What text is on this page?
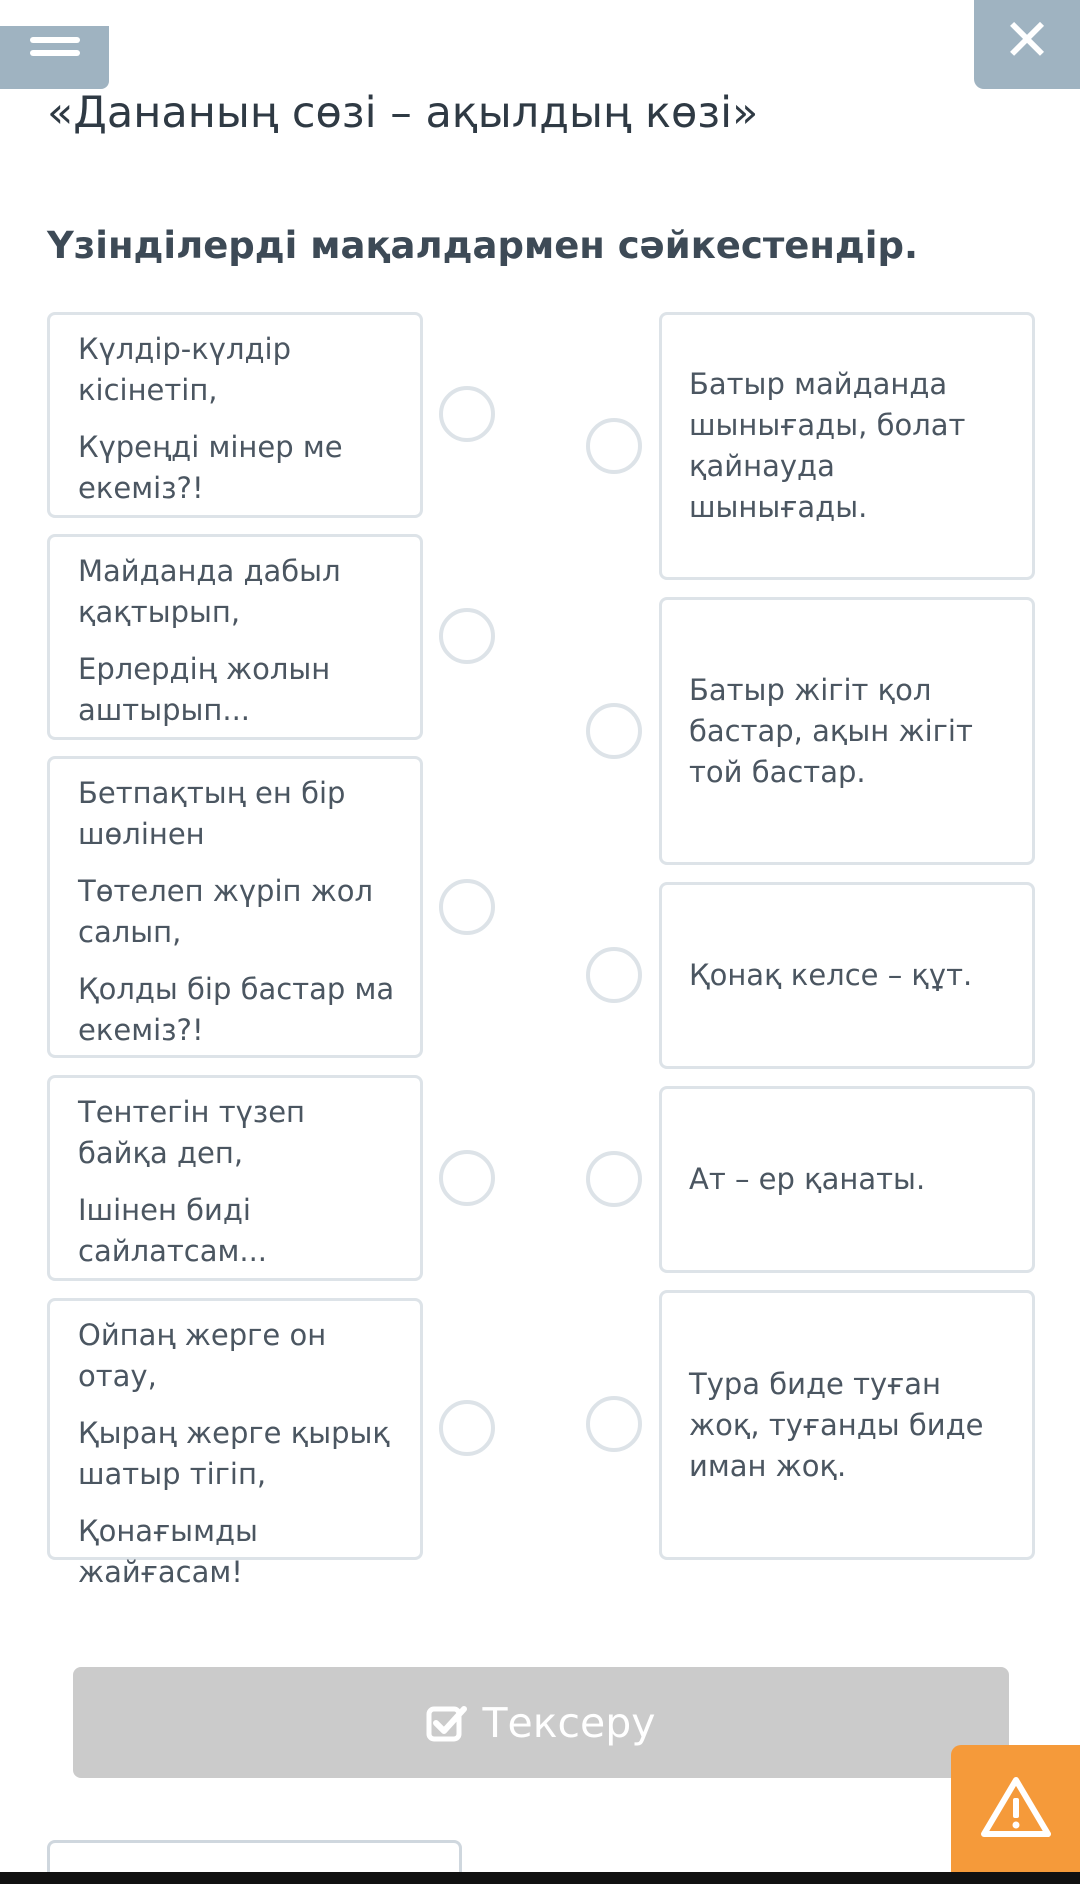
✕
«Дананың сөзі – ақылдың көзі»
Үзінділерді мақалдармен сәйкестендір.

Күлдір-күлдір кісінетіп,

Күреңді мінер ме екеміз?!

Майданда дабыл қақтырып,

Ерлердің жолын аштырып...

Бетпақтың ен бір шөлінен

Төтелеп жүріп жол салып,

Қолды бір бастар ма екеміз?!

Тентегін түзеп байқа деп,

Ішінен биді сайлатсам...

Ойпаң жерге он отау,

Қыраң жерге қырық шатыр тігіп,

Қонағымды жайғасам!

Батыр майданда шынығады, болат қайнауда шынығады.
Батыр жігіт қол бастар, ақын жігіт той бастар.
Қонақ келсе – құт.
Ат – ер қанаты.
Тура биде туған жоқ, туғанды биде иман жоқ.
Тексеру
